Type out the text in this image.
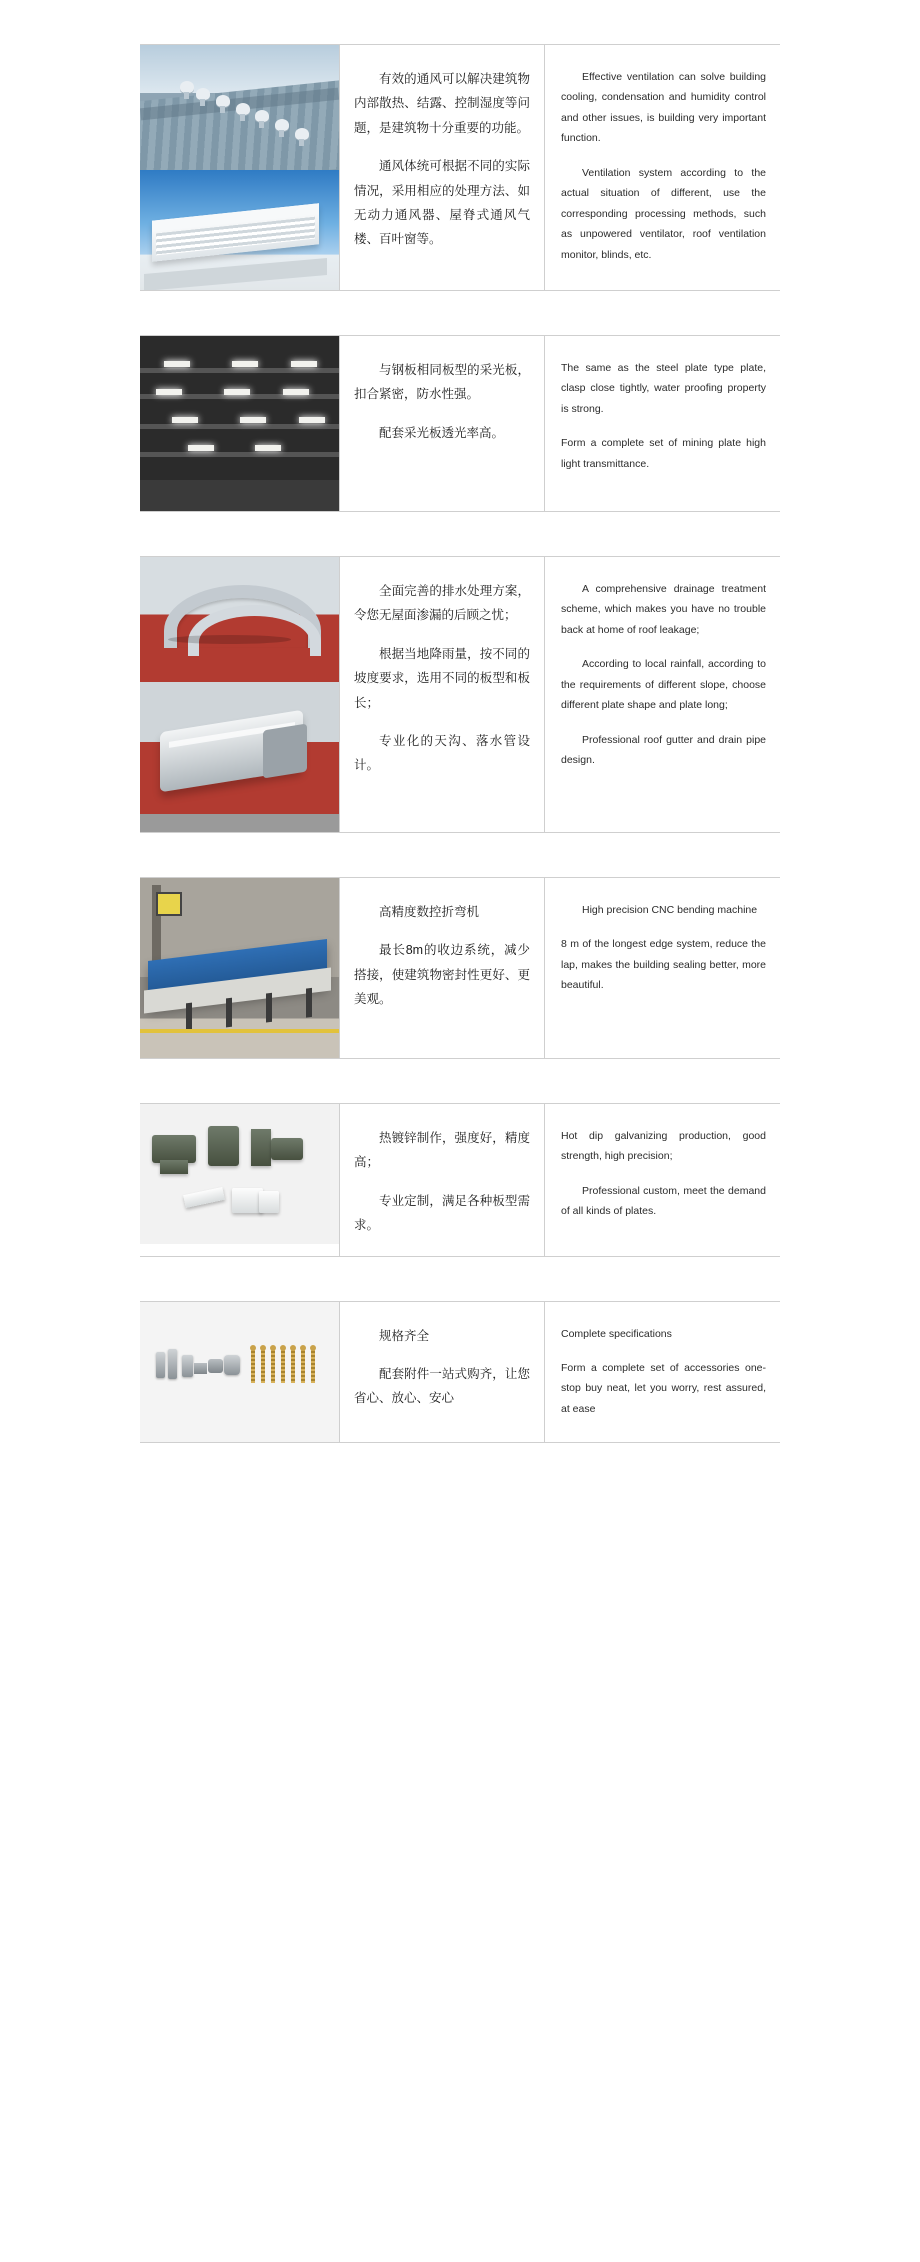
有效的通风可以解决建筑物内部散热、结露、控制湿度等问题，是建筑物十分重要的功能。

通风体统可根据不同的实际情况，采用相应的处理方法、如无动力通风器、屋脊式通风气楼、百叶窗等。

Effective ventilation can solve building cooling, condensation and humidity control and other issues, is building very important function.

Ventilation system according to the actual situation of different, use the corresponding processing methods, such as unpowered ventilator, roof ventilation monitor, blinds, etc.

与钢板相同板型的采光板，扣合紧密，防水性强。

配套采光板透光率高。

The same as the steel plate type plate, clasp close tightly, water proofing property is strong.

Form a complete set of mining plate high light transmittance.

全面完善的排水处理方案，令您无屋面渗漏的后顾之忧；

根据当地降雨量，按不同的坡度要求，选用不同的板型和板长；

专业化的天沟、落水管设计。

A comprehensive drainage treatment scheme, which makes you have no trouble back at home of roof leakage;

According to local rainfall, according to the requirements of different slope, choose different plate shape and plate long;

Professional roof gutter and drain pipe design.

高精度数控折弯机

最长8m的收边系统，减少搭接，使建筑物密封性更好、更美观。

High precision CNC bending machine

8 m of the longest edge system, reduce the lap, makes the building sealing better, more beautiful.

热镀锌制作，强度好，精度高；

专业定制，满足各种板型需求。

Hot dip galvanizing production, good strength, high precision;

Professional custom, meet the demand of all kinds of plates.

规格齐全

配套附件一站式购齐，让您省心、放心、安心

Complete specifications

Form a complete set of accessories one-stop buy neat, let you worry, rest assured, at ease
